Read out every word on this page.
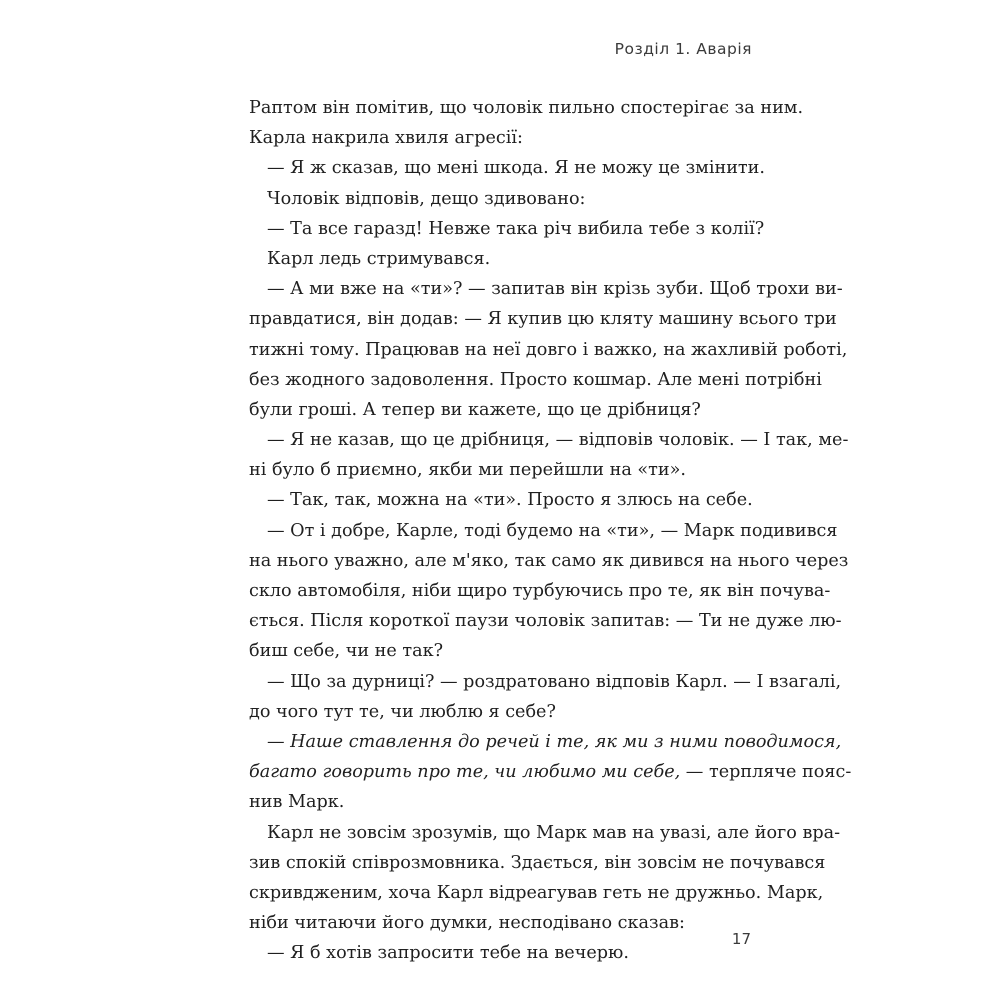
Розділ 1. Аварія
Раптом він помітив, що чоловік пильно спостерігає за ним.
Карла накрила хвиля агресії:
— Я ж сказав, що мені шкода. Я не можу це змінити.
Чоловік відповів, дещо здивовано:
— Та все гаразд! Невже така річ вибила тебе з колії?
Карл ледь стримувався.
— А ми вже на «ти»? — запитав він крізь зуби. Щоб трохи ви-
правдатися, він додав: — Я купив цю кляту машину всього три
тижні тому. Працював на неї довго і важко, на жахливій роботі,
без жодного задоволення. Просто кошмар. Але мені потрібні
були гроші. А тепер ви кажете, що це дрібниця?
— Я не казав, що це дрібниця, — відповів чоловік. — І так, ме-
ні було б приємно, якби ми перейшли на «ти».
— Так, так, можна на «ти». Просто я злюсь на себе.
— От і добре, Карле, тоді будемо на «ти», — Марк подивився
на нього уважно, але м'яко, так само як дивився на нього через
скло автомобіля, ніби щиро турбуючись про те, як він почува-
ється. Після короткої паузи чоловік запитав: — Ти не дуже лю-
биш себе, чи не так?
— Що за дурниці? — роздратовано відповів Карл. — І взагалі,
до чого тут те, чи люблю я себе?
— Наше ставлення до речей і те, як ми з ними поводимося,
багато говорить про те, чи любимо ми себе, — терпляче пояс-
нив Марк.
Карл не зовсім зрозумів, що Марк мав на увазі, але його вра-
зив спокій співрозмовника. Здається, він зовсім не почувався
скривдженим, хоча Карл відреагував геть не дружньо. Марк,
ніби читаючи його думки, несподівано сказав:
— Я б хотів запросити тебе на вечерю.
17
